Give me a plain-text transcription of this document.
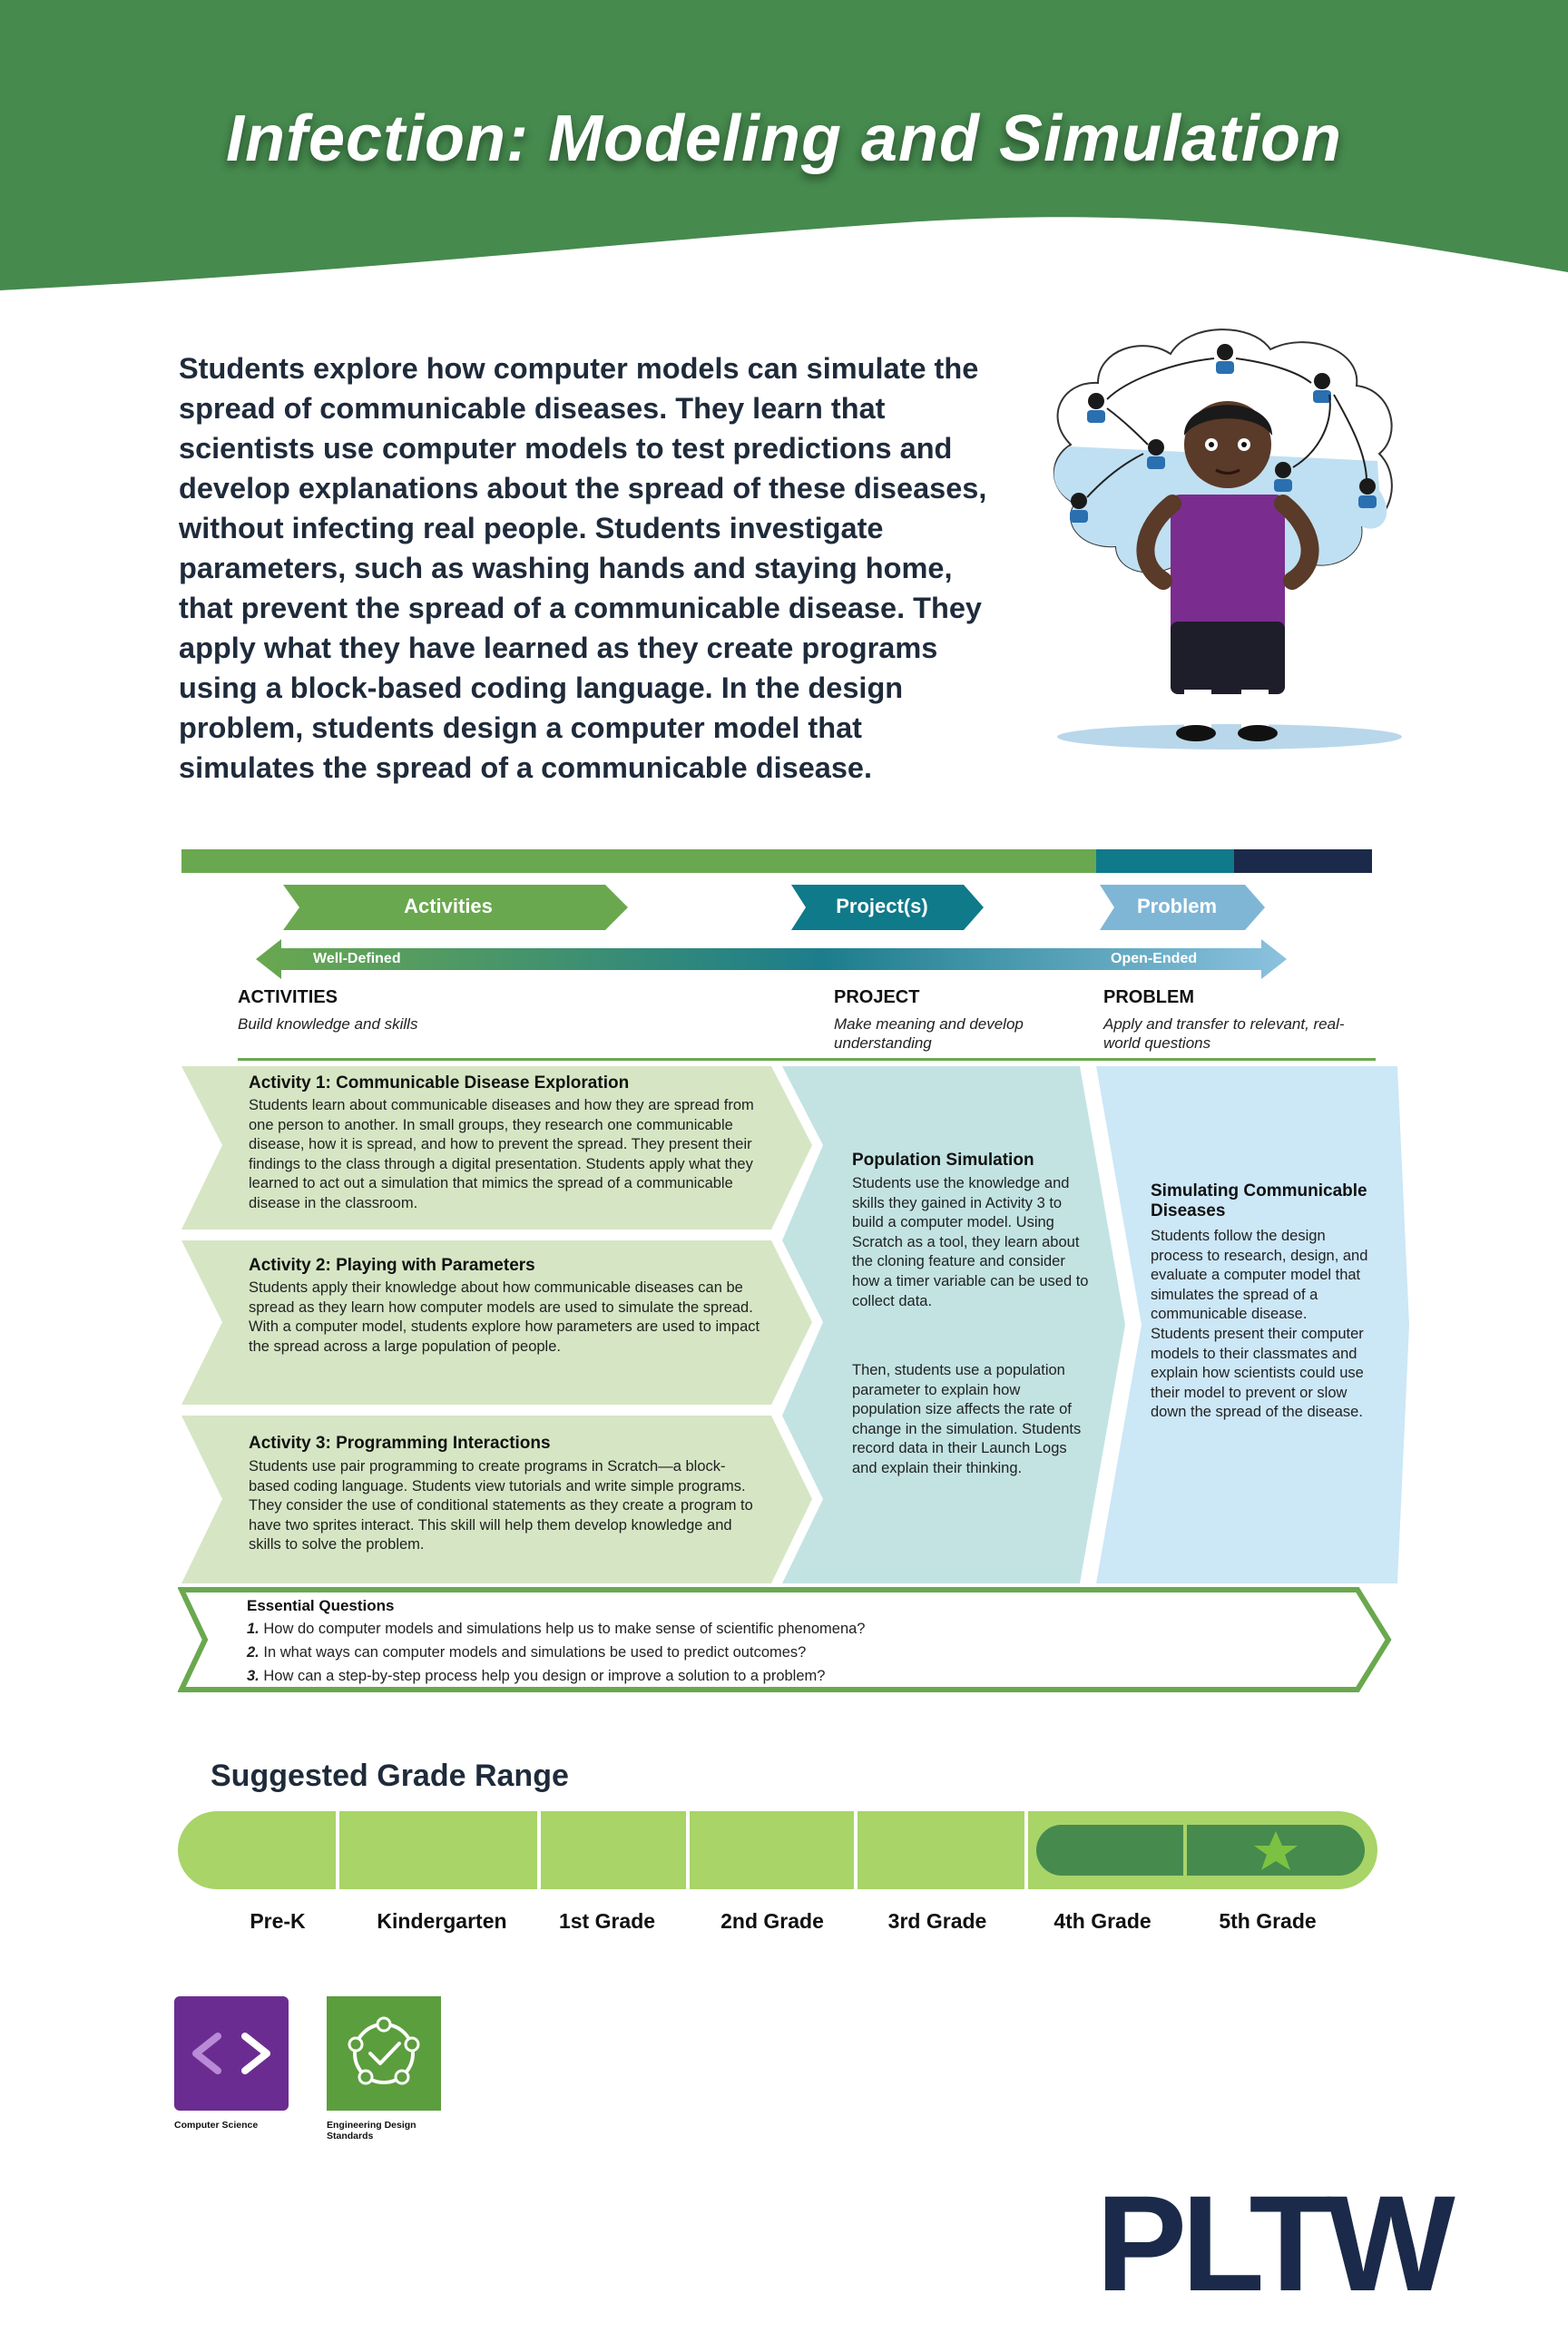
Infection: Modeling and Simulation
Students explore how computer models can simulate the spread of communicable diseases. They learn that scientists use computer models to test predictions and develop explanations about the spread of these diseases, without infecting real people. Students investigate parameters, such as washing hands and staying home, that prevent the spread of a communicable disease. They apply what they have learned as they create programs using a block-based coding language. In the design problem, students design a computer model that simulates the spread of a communicable disease.
Activities	Project(s)	Problem
Well-Defined	Open-Ended
ACTIVITIES
Build knowledge and skills
PROJECT
Make meaning and develop understanding
PROBLEM
Apply and transfer to relevant, real-world questions
Activity 1: Communicable Disease Exploration
Students learn about communicable diseases and how they are spread from one person to another. In small groups, they research one communicable disease, how it is spread, and how to prevent the spread. They present their findings to the class through a digital presentation. Students apply what they learned to act out a simulation that mimics the spread of a communicable disease in the classroom.
Activity 2: Playing with Parameters
Students apply their knowledge about how communicable diseases can be spread as they learn how computer models are used to simulate the spread. With a computer model, students explore how parameters are used to impact the spread across a large population of people.
Activity 3: Programming Interactions
Students use pair programming to create programs in Scratch—a block-based coding language. Students view tutorials and write simple programs. They consider the use of conditional statements as they create a program to have two sprites interact. This skill will help them develop knowledge and skills to solve the problem.
Population Simulation
Students use the knowledge and skills they gained in Activity 3 to build a computer model. Using Scratch as a tool, they learn about the cloning feature and consider how a timer variable can be used to collect data.
Then, students use a population parameter to explain how population size affects the rate of change in the simulation. Students record data in their Launch Logs and explain their thinking.
Simulating Communicable Diseases
Students follow the design process to research, design, and evaluate a computer model that simulates the spread of a communicable disease. Students present their computer models to their classmates and explain how scientists could use their model to prevent or slow down the spread of the disease.
Essential Questions
1. How do computer models and simulations help us to make sense of scientific phenomena?
2. In what ways can computer models and simulations be used to predict outcomes?
3. How can a step-by-step process help you design or improve a solution to a problem?
Suggested Grade Range
Pre-K	Kindergarten	1st Grade	2nd Grade	3rd Grade	4th Grade	5th Grade
Computer Science	Engineering Design Standards
PLTW
